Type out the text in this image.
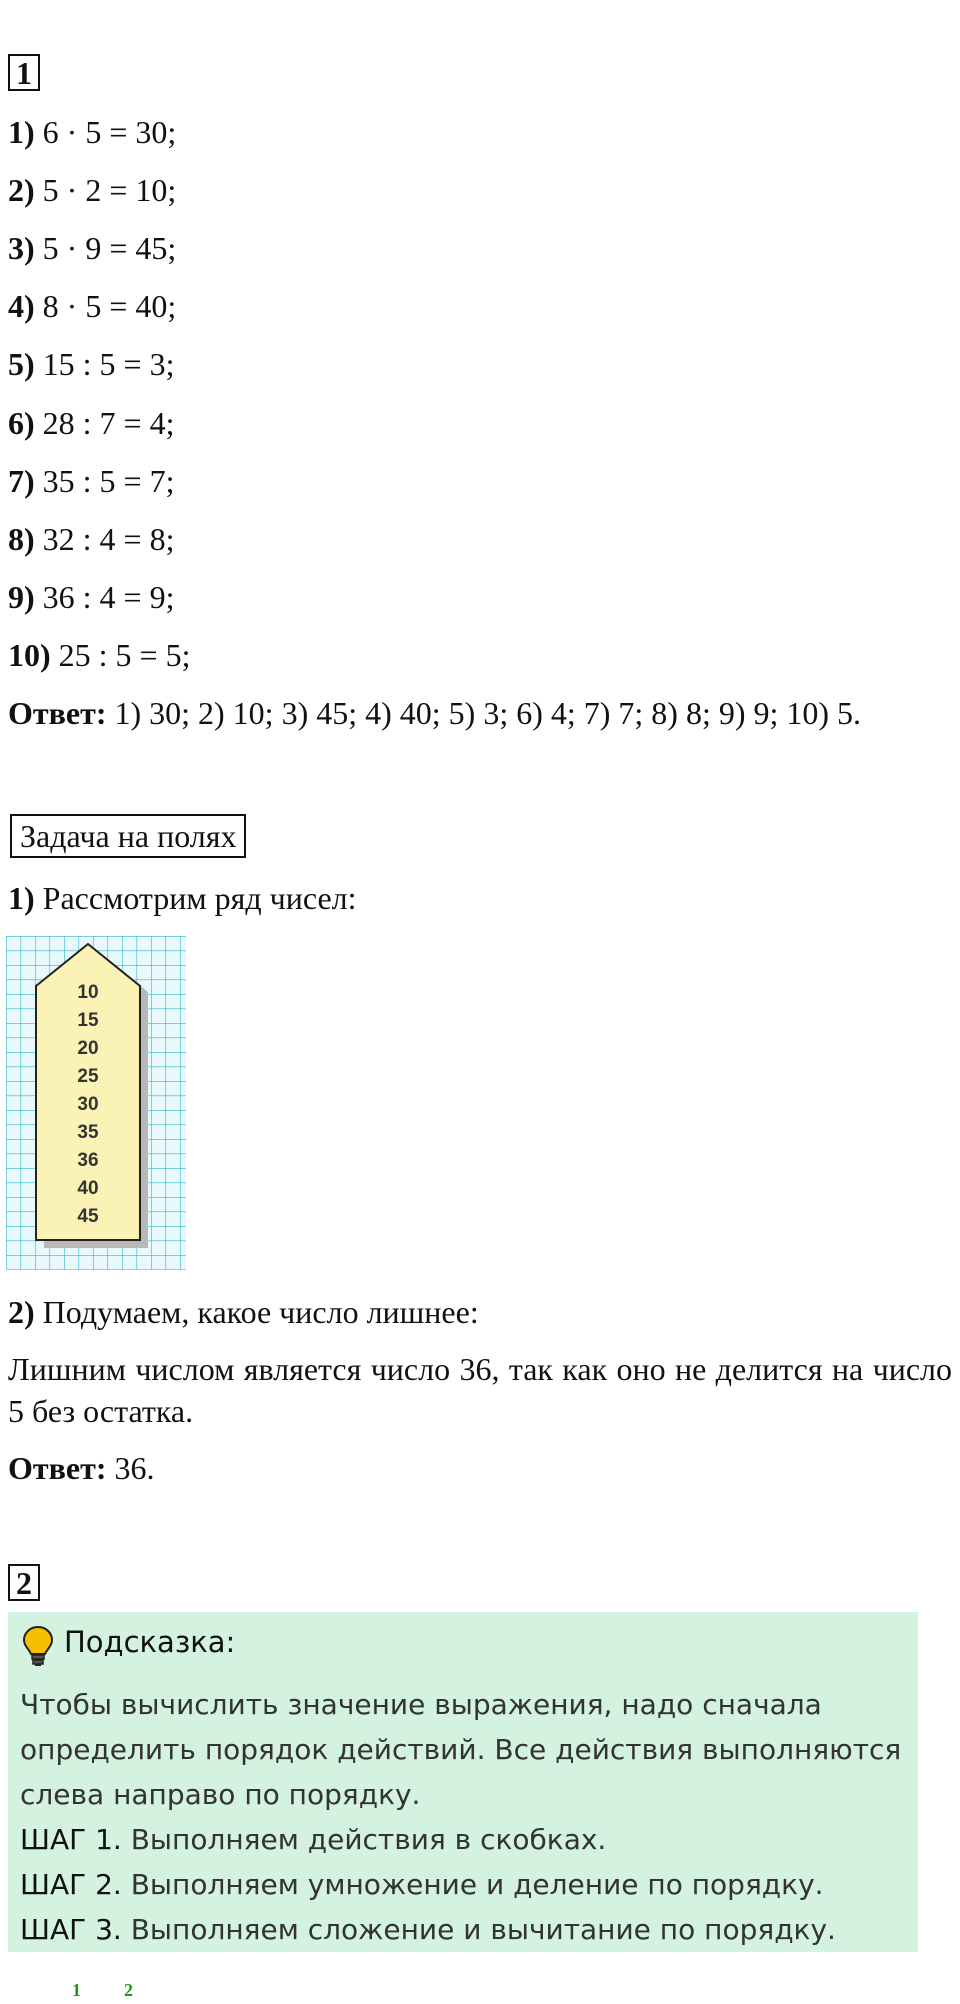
1
1) 6 · 5 = 30;
2) 5 · 2 = 10;
3) 5 · 9 = 45;
4) 8 · 5 = 40;
5) 15 : 5 = 3;
6) 28 : 7 = 4;
7) 35 : 5 = 7;
8) 32 : 4 = 8;
9) 36 : 4 = 9;
10) 25 : 5 = 5;
Ответ: 1) 30; 2) 10; 3) 45; 4) 40; 5) 3; 6) 4; 7) 7; 8) 8; 9) 9; 10) 5.
Задача на полях
1) Рассмотрим ряд чисел:
10
15
20
25
30
35
36
40
45
2) Подумаем, какое число лишнее:
Лишним числом является число 36, так как оно не делится на число 5 без остатка.
Ответ: 36.
2
Подсказка:

Чтобы вычислить значение выражения, надо сначала определить порядок действий. Все действия выполняются слева направо по порядку.

ШАГ 1. Выполняем действия в скобках.

ШАГ 2. Выполняем умножение и деление по порядку.

ШАГ 3. Выполняем сложение и вычитание по порядку.

1 2
